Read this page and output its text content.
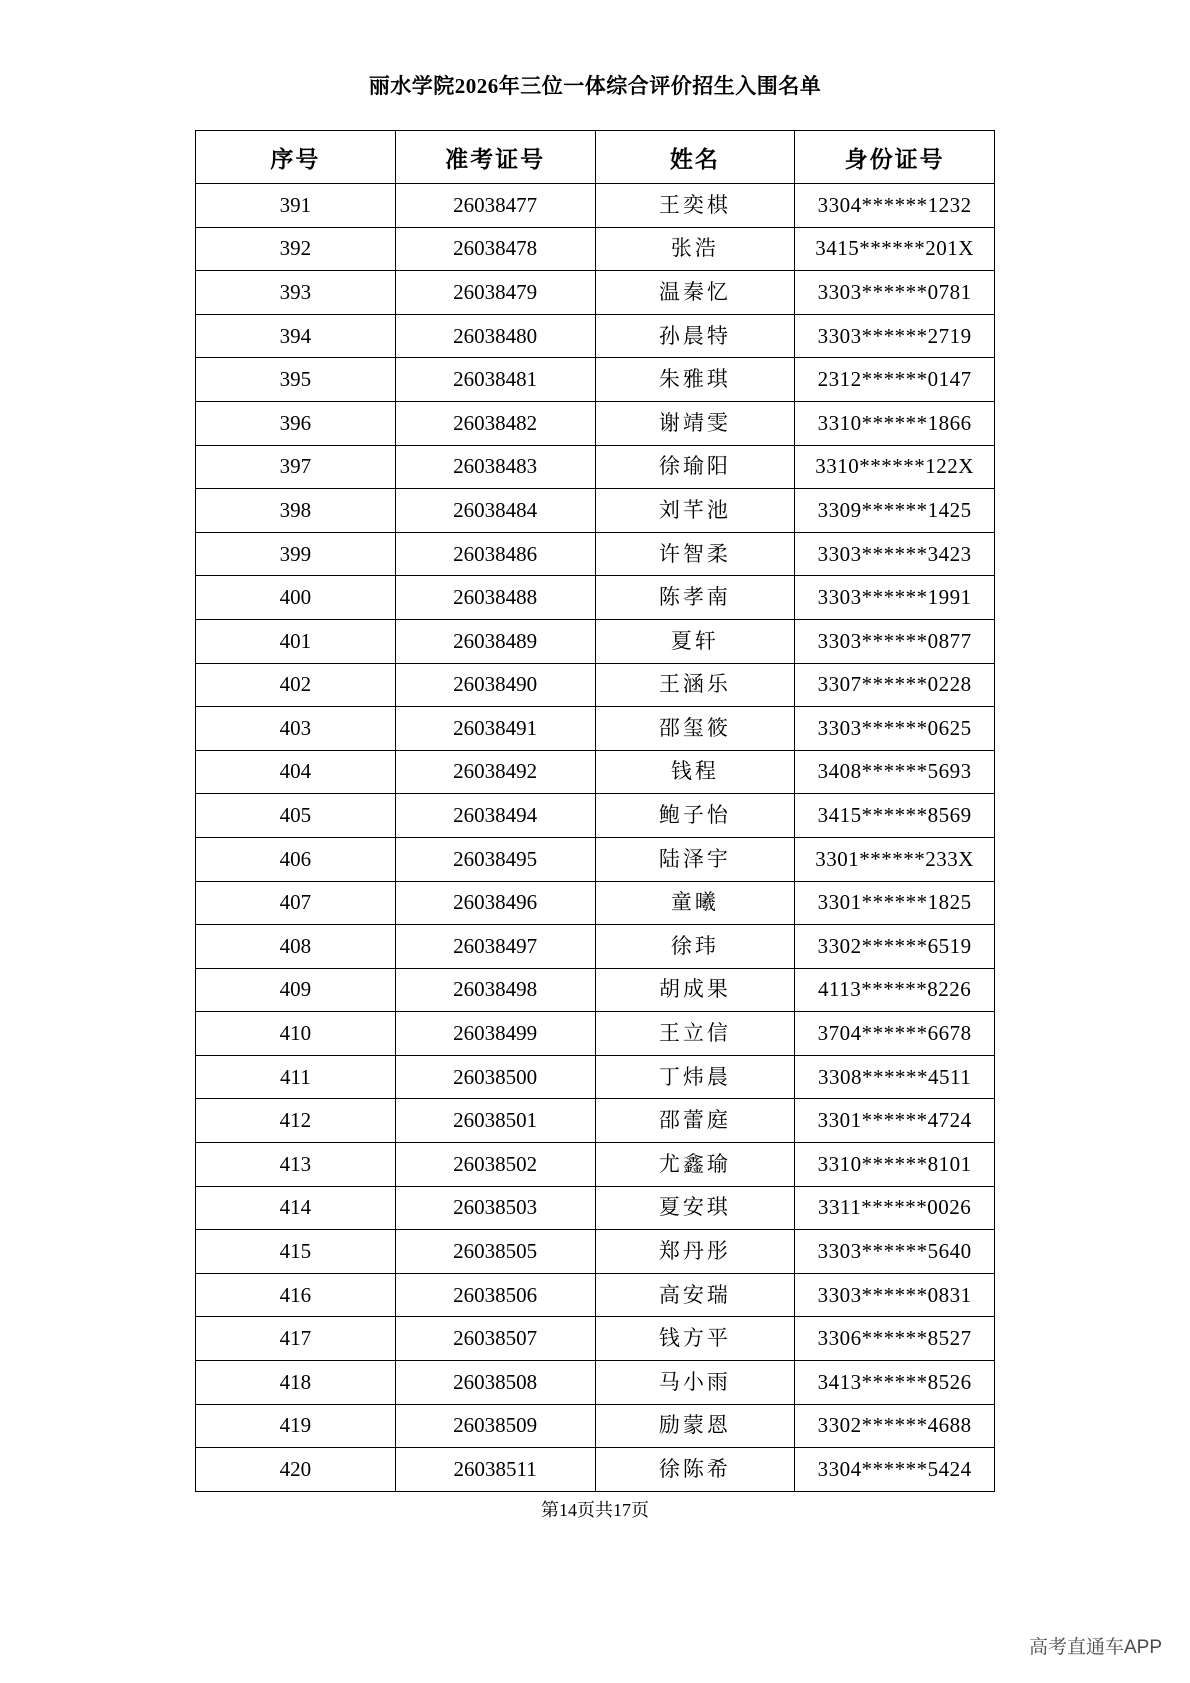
丽水学院2026年三位一体综合评价招生入围名单
序号	准考证号	姓名	身份证号
391	26038477	王奕棋	3304******1232
392	26038478	张浩	3415******201X
393	26038479	温秦忆	3303******0781
394	26038480	孙晨特	3303******2719
395	26038481	朱雅琪	2312******0147
396	26038482	谢靖雯	3310******1866
397	26038483	徐瑜阳	3310******122X
398	26038484	刘芊池	3309******1425
399	26038486	许智柔	3303******3423
400	26038488	陈孝南	3303******1991
401	26038489	夏轩	3303******0877
402	26038490	王涵乐	3307******0228
403	26038491	邵玺筱	3303******0625
404	26038492	钱程	3408******5693
405	26038494	鲍子怡	3415******8569
406	26038495	陆泽宇	3301******233X
407	26038496	童曦	3301******1825
408	26038497	徐玮	3302******6519
409	26038498	胡成果	4113******8226
410	26038499	王立信	3704******6678
411	26038500	丁炜晨	3308******4511
412	26038501	邵蕾庭	3301******4724
413	26038502	尤鑫瑜	3310******8101
414	26038503	夏安琪	3311******0026
415	26038505	郑丹彤	3303******5640
416	26038506	高安瑞	3303******0831
417	26038507	钱方平	3306******8527
418	26038508	马小雨	3413******8526
419	26038509	励蒙恩	3302******4688
420	26038511	徐陈希	3304******5424
第14页共17页
高考直通车APP
